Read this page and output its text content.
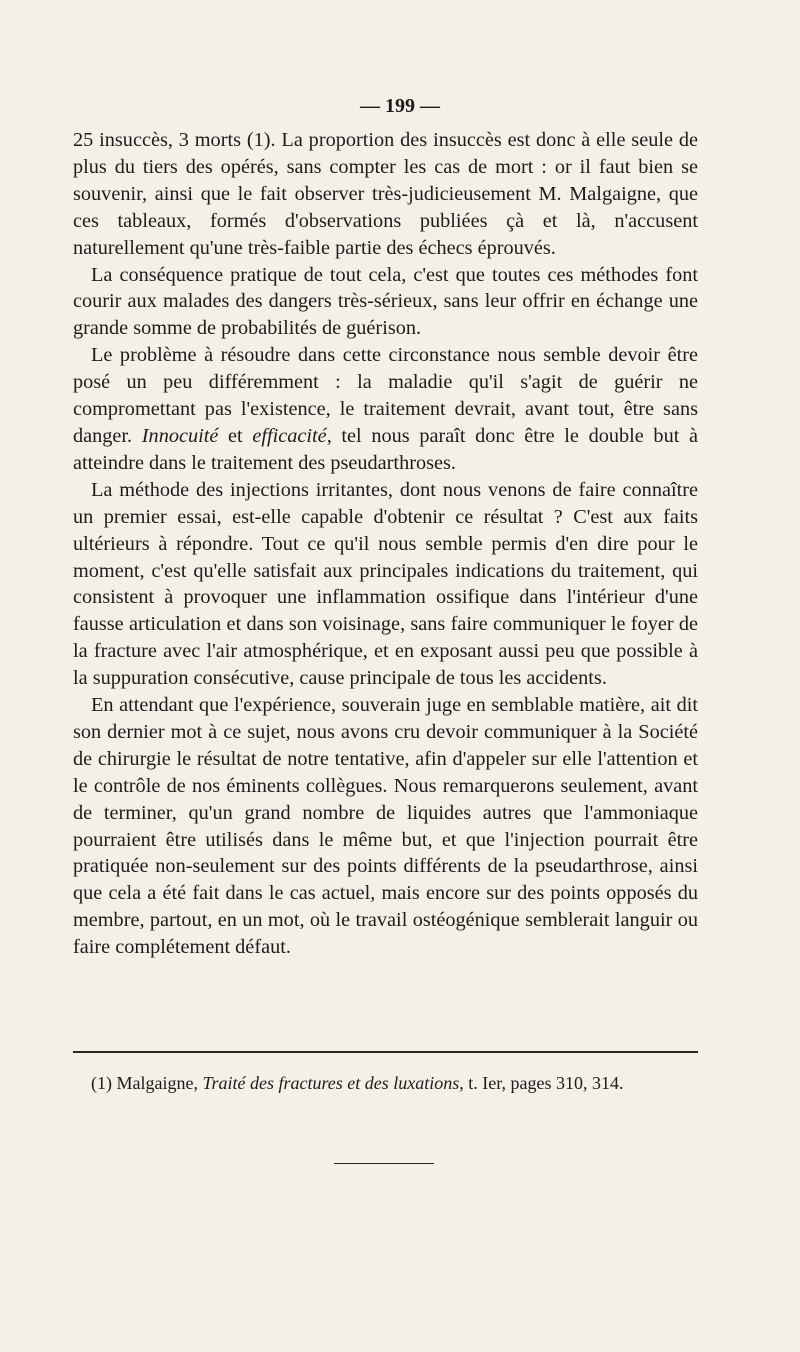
— 199 —

25 insuccès, 3 morts (1). La proportion des insuccès est donc à elle seule de plus du tiers des opérés, sans compter les cas de mort : or il faut bien se souvenir, ainsi que le fait observer très-judicieusement M. Malgaigne, que ces tableaux, formés d'observations publiées çà et là, n'accusent naturellement qu'une très-faible partie des échecs éprouvés.

La conséquence pratique de tout cela, c'est que toutes ces méthodes font courir aux malades des dangers très-sérieux, sans leur offrir en échange une grande somme de probabilités de guérison.

Le problème à résoudre dans cette circonstance nous semble devoir être posé un peu différemment : la maladie qu'il s'agit de guérir ne compromettant pas l'existence, le traitement devrait, avant tout, être sans danger. Innocuité et efficacité, tel nous paraît donc être le double but à atteindre dans le traitement des pseudarthroses.

La méthode des injections irritantes, dont nous venons de faire connaître un premier essai, est-elle capable d'obtenir ce résultat ? C'est aux faits ultérieurs à répondre. Tout ce qu'il nous semble permis d'en dire pour le moment, c'est qu'elle satisfait aux principales indications du traitement, qui consistent à provoquer une inflammation ossifique dans l'intérieur d'une fausse articulation et dans son voisinage, sans faire communiquer le foyer de la fracture avec l'air atmosphérique, et en exposant aussi peu que possible à la suppuration consécutive, cause principale de tous les accidents.

En attendant que l'expérience, souverain juge en semblable matière, ait dit son dernier mot à ce sujet, nous avons cru devoir communiquer à la Société de chirurgie le résultat de notre tentative, afin d'appeler sur elle l'attention et le contrôle de nos éminents collègues. Nous remarquerons seulement, avant de terminer, qu'un grand nombre de liquides autres que l'ammoniaque pourraient être utilisés dans le même but, et que l'injection pourrait être pratiquée non-seulement sur des points différents de la pseudarthrose, ainsi que cela a été fait dans le cas actuel, mais encore sur des points opposés du membre, partout, en un mot, où le travail ostéogénique semblerait languir ou faire complétement défaut.

(1) Malgaigne, Traité des fractures et des luxations, t. Ier, pages 310, 314.
